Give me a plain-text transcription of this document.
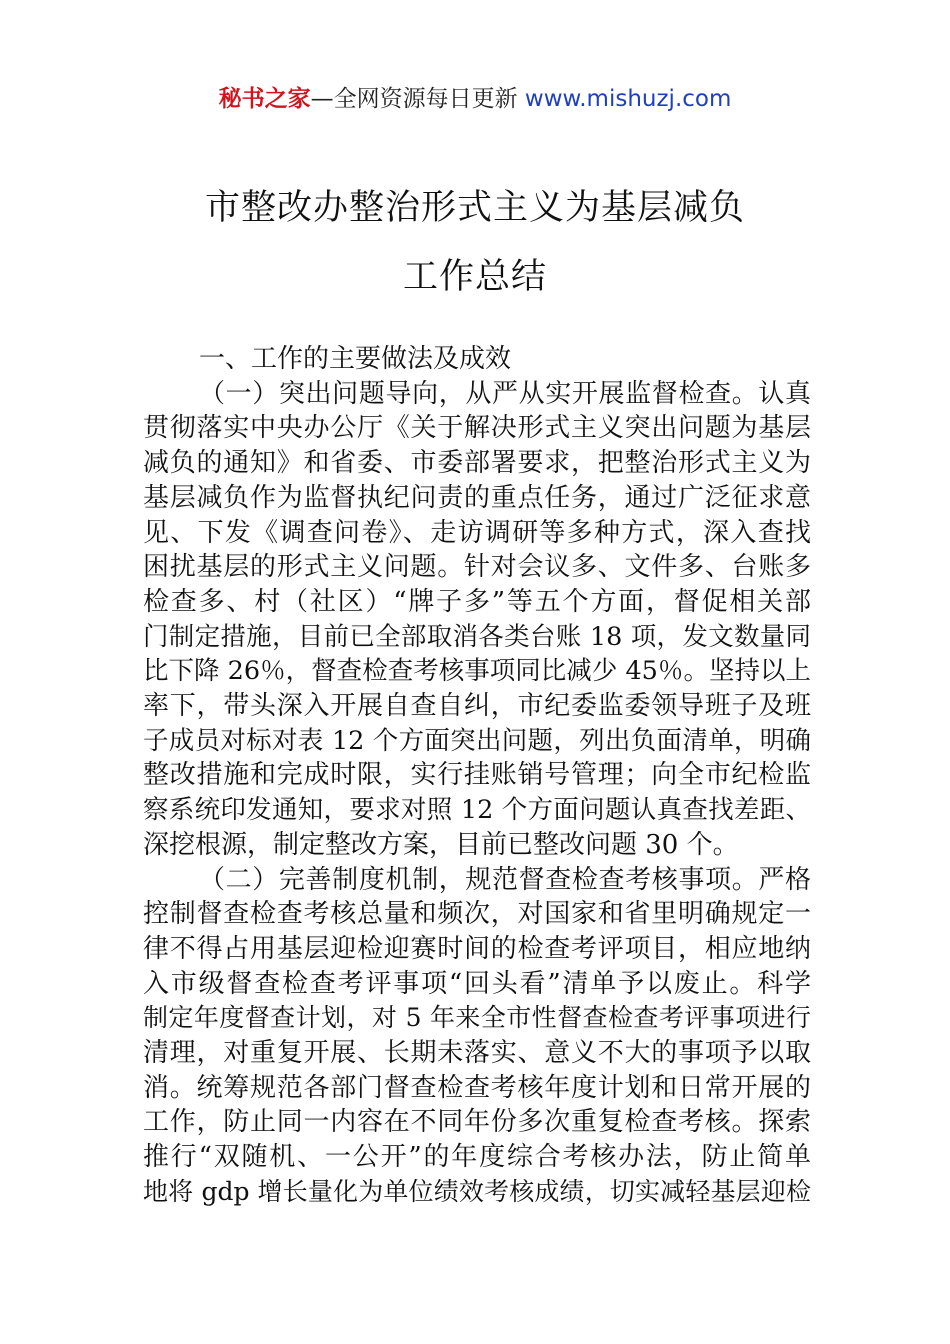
秘书之家—全网资源每日更新 www.mishuzj.com
市整改办整治形式主义为基层减负
工作总结
一、工作的主要做法及成效
（一）突出问题导向，从严从实开展监督检查。认真
贯彻落实中央办公厅《关于解决形式主义突出问题为基层
减负的通知》和省委、市委部署要求，把整治形式主义为
基层减负作为监督执纪问责的重点任务，通过广泛征求意
见、下发《调查问卷》、走访调研等多种方式，深入查找
困扰基层的形式主义问题。针对会议多、文件多、台账多
检查多、村（社区）“牌子多”等五个方面，督促相关部
门制定措施，目前已全部取消各类台账 18 项，发文数量同
比下降 26％，督查检查考核事项同比减少 45％。坚持以上
率下，带头深入开展自查自纠，市纪委监委领导班子及班
子成员对标对表 12 个方面突出问题，列出负面清单，明确
整改措施和完成时限，实行挂账销号管理；向全市纪检监
察系统印发通知，要求对照 12 个方面问题认真查找差距、
深挖根源，制定整改方案，目前已整改问题 30 个。
（二）完善制度机制，规范督查检查考核事项。严格
控制督查检查考核总量和频次，对国家和省里明确规定一
律不得占用基层迎检迎赛时间的检查考评项目，相应地纳
入市级督查检查考评事项“回头看”清单予以废止。科学
制定年度督查计划，对 5 年来全市性督查检查考评事项进行
清理，对重复开展、长期未落实、意义不大的事项予以取
消。统筹规范各部门督查检查考核年度计划和日常开展的
工作，防止同一内容在不同年份多次重复检查考核。探索
推行“双随机、一公开”的年度综合考核办法，防止简单
地将 gdp 增长量化为单位绩效考核成绩，切实减轻基层迎检
